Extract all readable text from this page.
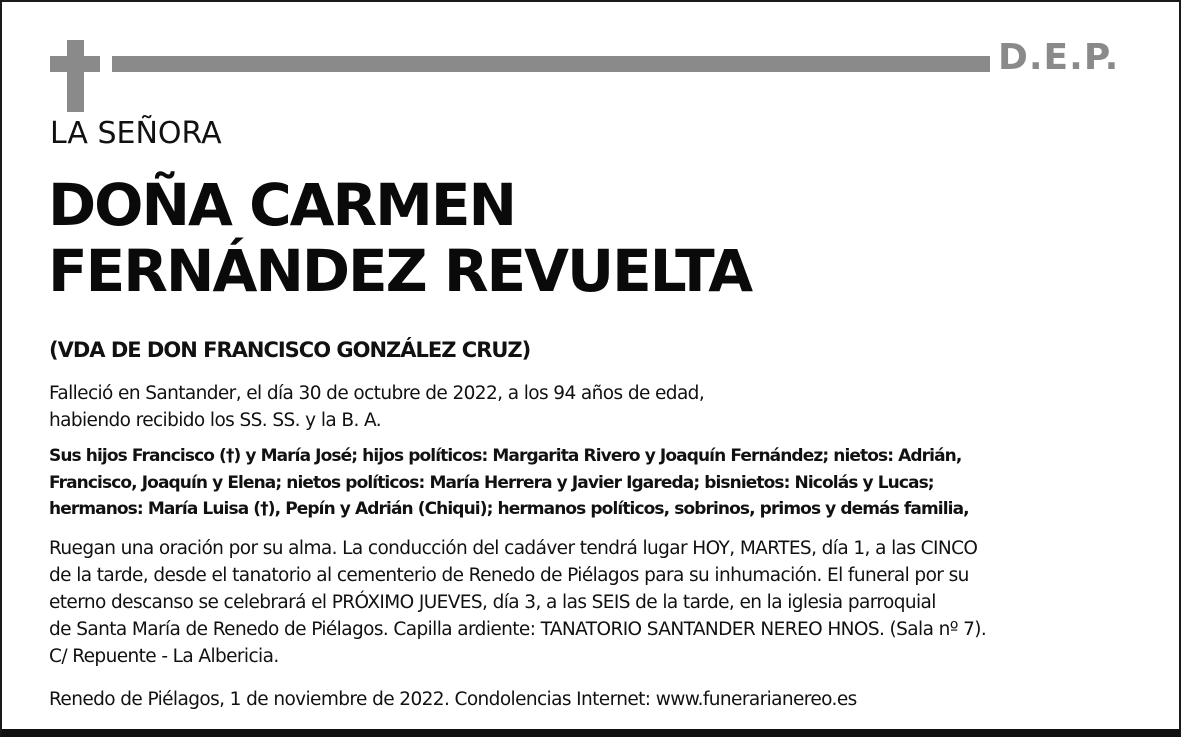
D.E.P.
LA SEÑORA
DOÑA CARMEN
FERNÁNDEZ REVUELTA
(VDA DE DON FRANCISCO GONZÁLEZ CRUZ)

Falleció en Santander, el día 30 de octubre de 2022, a los 94 años de edad,
habiendo recibido los SS. SS. y la B. A.

Sus hijos Francisco (†) y María José; hijos políticos: Margarita Rivero y Joaquín Fernández; nietos: Adrián,
Francisco, Joaquín y Elena; nietos políticos: María Herrera y Javier Igareda; bisnietos: Nicolás y Lucas;
hermanos: María Luisa (†), Pepín y Adrián (Chiqui); hermanos políticos, sobrinos, primos y demás familia,

Ruegan una oración por su alma. La conducción del cadáver tendrá lugar HOY, MARTES, día 1, a las CINCO
de la tarde, desde el tanatorio al cementerio de Renedo de Piélagos para su inhumación. El funeral por su
eterno descanso se celebrará el PRÓXIMO JUEVES, día 3, a las SEIS de la tarde, en la iglesia parroquial
de Santa María de Renedo de Piélagos. Capilla ardiente: TANATORIO SANTANDER NEREO HNOS. (Sala nº 7).
C/ Repuente - La Albericia.

Renedo de Piélagos, 1 de noviembre de 2022. Condolencias Internet: www.funerarianereo.es
